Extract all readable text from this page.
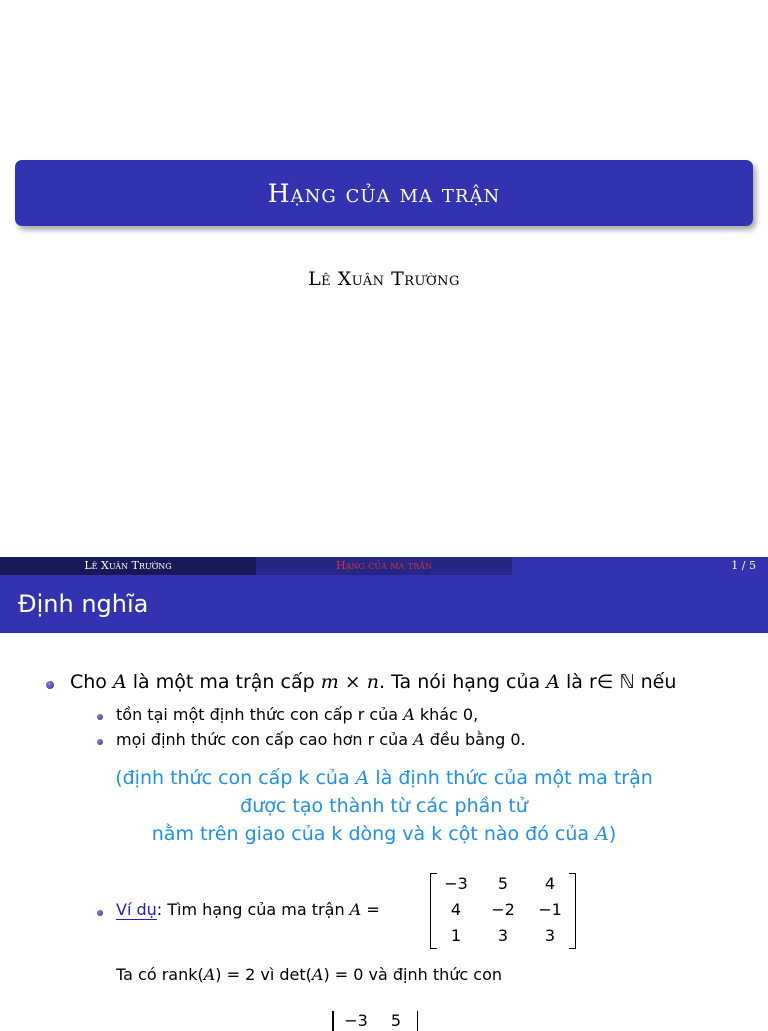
Hạng của ma trận
Lê Xuân Trường
Lê Xuân Trường	Hạng của ma trận	1 / 5
Định nghĩa
Cho A là một ma trận cấp m × n. Ta nói hạng của A là r∈ ℕ nếu
tồn tại một định thức con cấp r của A khác 0,
mọi định thức con cấp cao hơn r của A đều bằng 0.
(định thức con cấp k của A là định thức của một ma trận
được tạo thành từ các phần tử
nằm trên giao của k dòng và k cột nào đó của A)
Ví dụ: Tìm hạng của ma trận A =
−3	5	4
4	−2	−1
1	3	3
Ta có rank(A) = 2 vì det(A) = 0 và định thức con
−3	5
